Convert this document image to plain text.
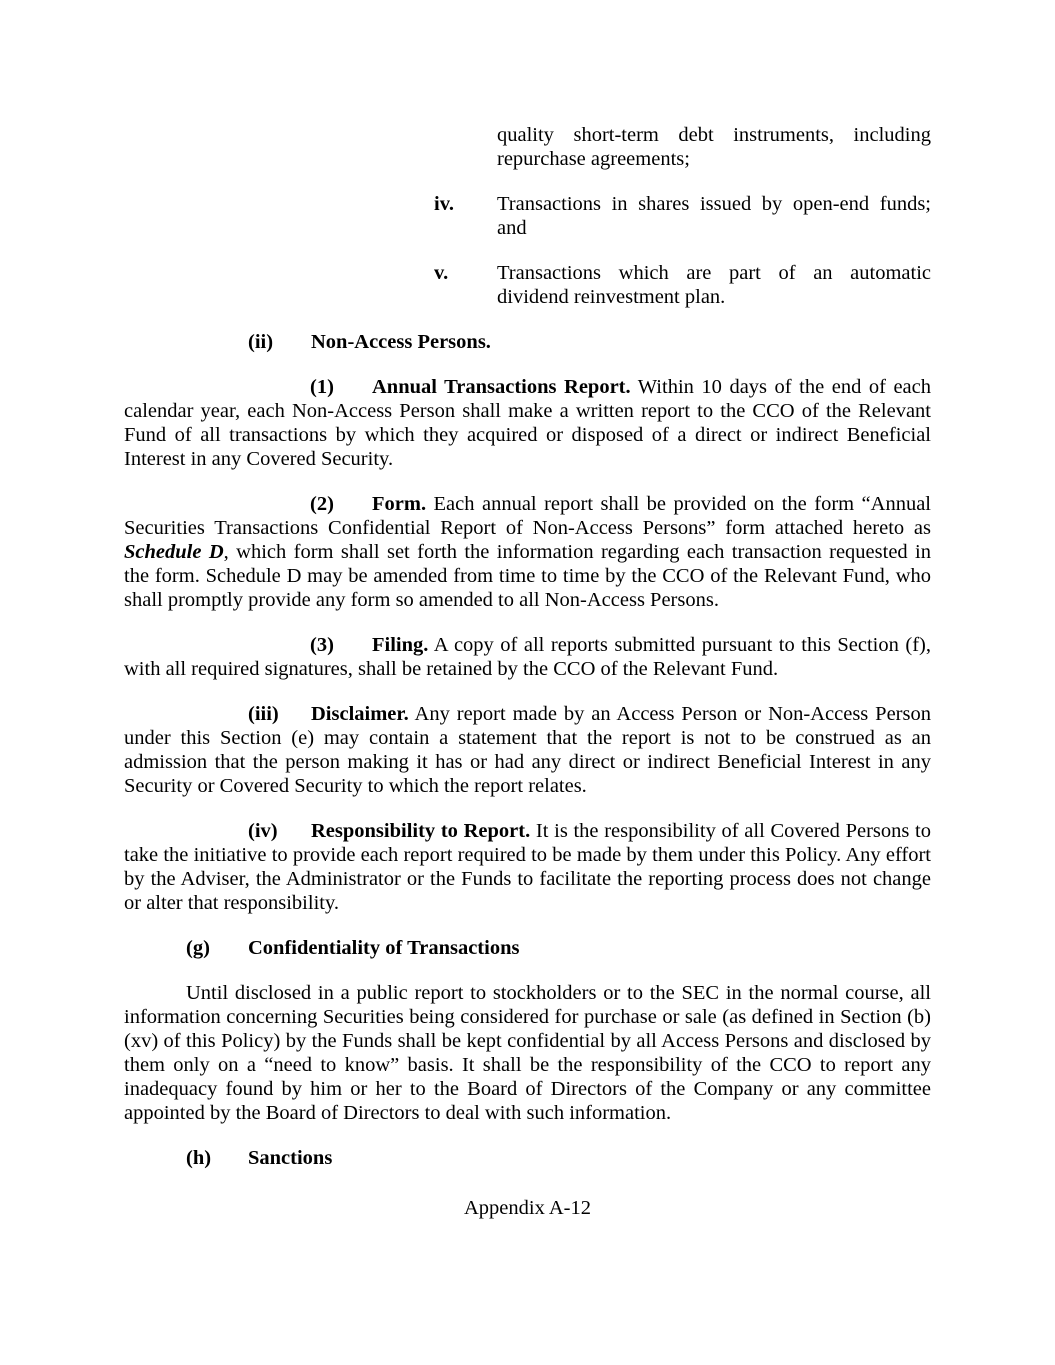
quality short-term debt instruments, including repurchase agreements;

iv. Transactions in shares issued by open-end funds; and

v. Transactions which are part of an automatic dividend reinvestment plan.

(ii) Non-Access Persons.

(1) Annual Transactions Report. Within 10 days of the end of each calendar year, each Non-Access Person shall make a written report to the CCO of the Relevant Fund of all transactions by which they acquired or disposed of a direct or indirect Beneficial Interest in any Covered Security.

(2) Form. Each annual report shall be provided on the form “Annual Securities Transactions Confidential Report of Non-Access Persons” form attached hereto as Schedule D, which form shall set forth the information regarding each transaction requested in the form. Schedule D may be amended from time to time by the CCO of the Relevant Fund, who shall promptly provide any form so amended to all Non-Access Persons.

(3) Filing. A copy of all reports submitted pursuant to this Section (f), with all required signatures, shall be retained by the CCO of the Relevant Fund.

(iii) Disclaimer. Any report made by an Access Person or Non-Access Person under this Section (e) may contain a statement that the report is not to be construed as an admission that the person making it has or had any direct or indirect Beneficial Interest in any Security or Covered Security to which the report relates.

(iv) Responsibility to Report. It is the responsibility of all Covered Persons to take the initiative to provide each report required to be made by them under this Policy. Any effort by the Adviser, the Administrator or the Funds to facilitate the reporting process does not change or alter that responsibility.

(g) Confidentiality of Transactions

Until disclosed in a public report to stockholders or to the SEC in the normal course, all information concerning Securities being considered for purchase or sale (as defined in Section (b)(xv) of this Policy) by the Funds shall be kept confidential by all Access Persons and disclosed by them only on a “need to know” basis. It shall be the responsibility of the CCO to report any inadequacy found by him or her to the Board of Directors of the Company or any committee appointed by the Board of Directors to deal with such information.

(h) Sanctions

Appendix A-12
